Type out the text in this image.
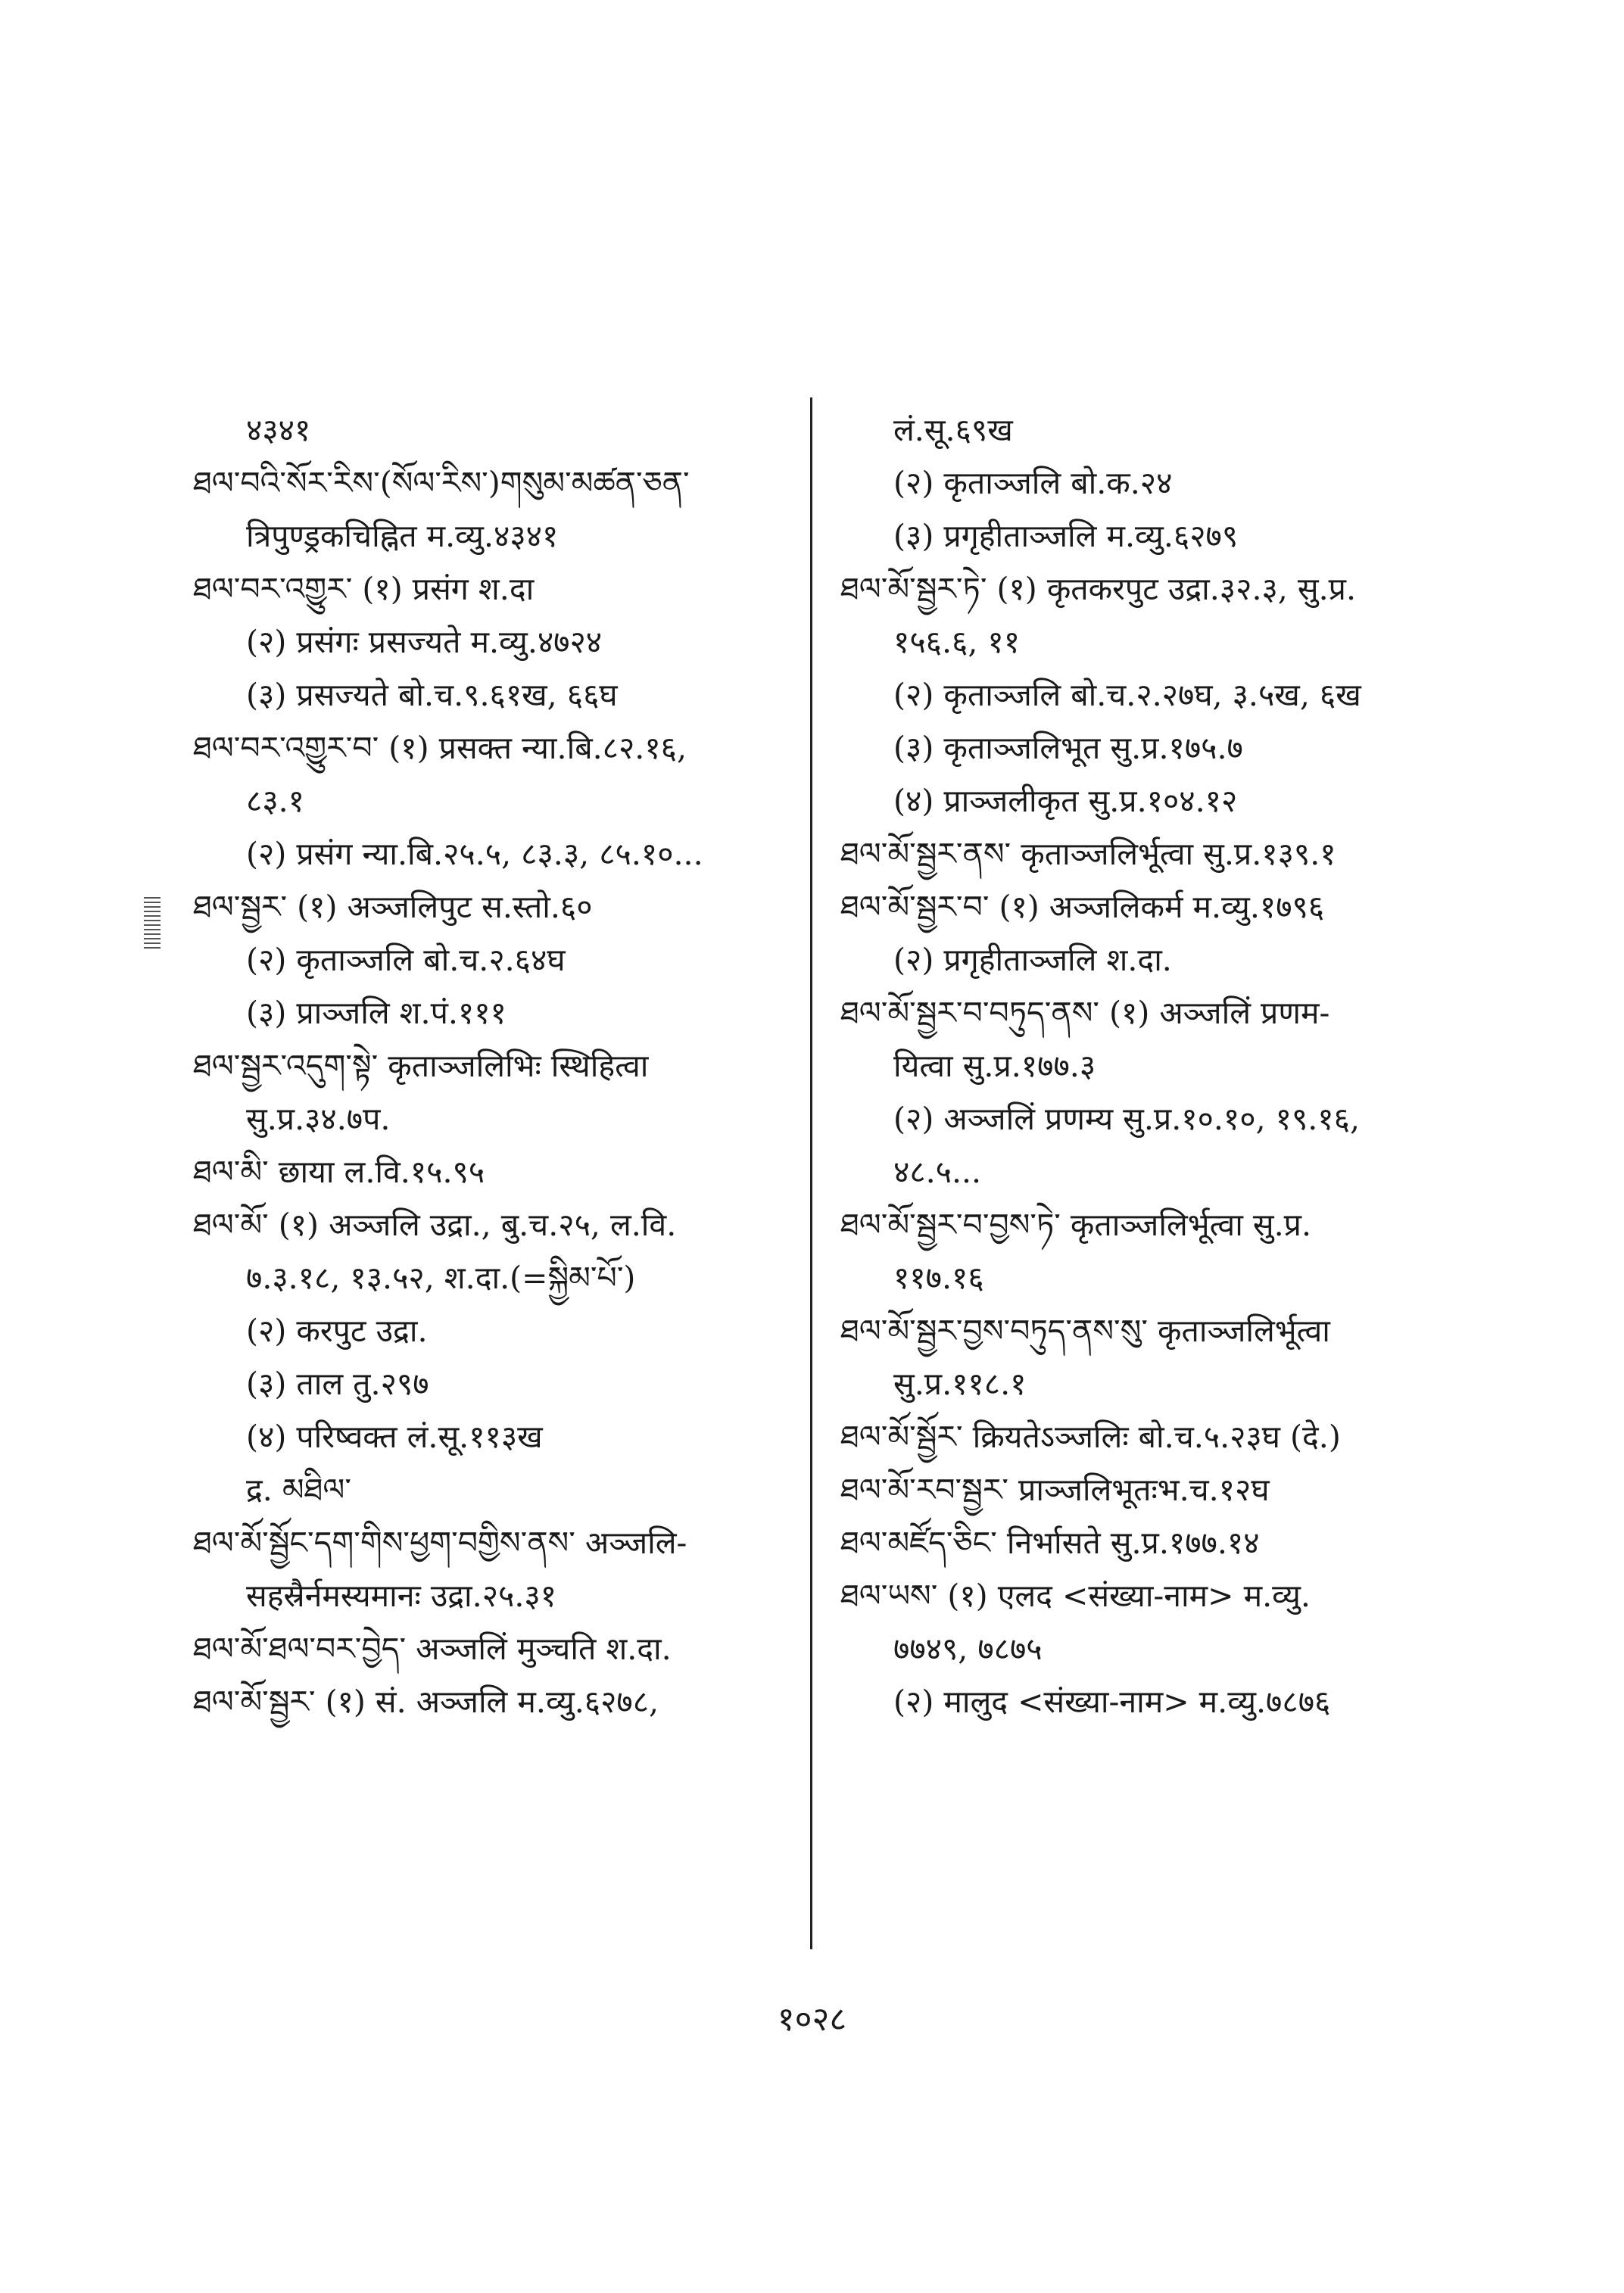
४३४१
ཐལ་བའི་སོར་རིས་(སོལ་རིས་)གསུམ་མཚན་ཅན་
त्रिपुण्ड्रकचिह्नित म.व्यु.४३४१
ཐལ་བར་འགྱུར་ (१) प्रसंग श.दा
(२) प्रसंगः प्रसज्यते म.व्यु.४७२४
(३) प्रसज्यते बो.च.९.६१ख, ६६घ
ཐལ་བར་འགྱུར་བ་ (१) प्रसक्त न्या.बि.८२.१६,
८३.१
(२) प्रसंग न्या.बि.२५.५, ८३.३, ८५.१०...
ཐལ་སྦྱར་ (१) अञ्जलिपुट स.स्तो.६०
(२) कृताञ्जलि बो.च.२.६४घ
(३) प्राञ्जलि श.पं.१११
ཐལ་སྦྱར་འདུག་སྟེ་ कृताञ्जलिभिः स्थिहित्वा
सु.प्र.३४.७प.
ཐལ་མི་ छाया ल.वि.१५.९५
ཐལ་མོ་ (१) अञ्जलि उद्रा., बु.च.२५, ल.वि.
७.३.१८, १३.५२, श.दा.(=སྐྱིམ་པོ་)
(२) करपुट उद्रा.
(३) ताल तु.२९७
(४) परिष्वक्त लं.सू.११३ख
द्र. མཐིལ་
ཐལ་མོ་སྦྱོང་དག་གིས་ཕྱག་བགྱིས་ནས་ अञ्जलि-
सहस्रैर्नमस्यमानः उद्रा.२५.३१
ཐལ་མོ་ཐལ་བར་བྱེད་ अञ्जलिं मुञ्चति श.दा.
ཐལ་མོ་སྦྱར་ (१) सं. अञ्जलि म.व्यु.६२७८,
लं.सू.६९ख
(२) कृताञ्जलि बो.क.२४
(३) प्रगृहीताञ्जलि म.व्यु.६२७९
ཐལ་མོ་སྦྱར་ཏེ་ (१) कृतकरपुट उद्रा.३२.३, सु.प्र.
१५६.६, ११
(२) कृताञ्जलि बो.च.२.२७घ, ३.५ख, ६ख
(३) कृताञ्जलिभूत सु.प्र.१७५.७
(४) प्राञ्जलीकृत सु.प्र.१०४.१२
ཐལ་མོ་སྦྱར་ནས་ कृताञ्जलिर्भूत्वा सु.प्र.१३९.१
ཐལ་མོ་སྦྱར་བ་ (१) अञ्जलिकर्म म.व्यु.१७९६
(२) प्रगृहीताञ्जलि श.दा.
ཐལ་མོ་སྦྱར་བ་བཏུད་ནས་ (१) अञ्जलिं प्रणम-
यित्वा सु.प्र.१७७.३
(२) अञ्जलिं प्रणम्य सु.प्र.१०.१०, १९.१६,
४८.५...
ཐལ་མོ་སྦྱར་བ་བྱས་ཏེ་ कृताञ्जलिर्भूत्वा सु.प्र.
११७.१६
ཐལ་མོ་སྦྱར་བྱས་བཏུད་ནས་སུ་ कृताञ्जलिर्भूत्वा
सु.प्र.११८.१
ཐལ་མོ་སྦྱོར་ क्रियतेऽञ्जलिः बो.च.५.२३घ (दे.)
ཐལ་མོ་རབ་སྦྱར་ प्राञ्जलिभूतःभ.च.१२घ
ཐལ་མཛོད་ཅིང་ निर्भासते सु.प्र.१७७.१४
ཐལ་ཡས་ (१) एलद <संख्या-नाम> म.व्यु.
७७४९, ७८७५
(२) मालुद <संख्या-नाम> म.व्यु.७८७६
१०२८
